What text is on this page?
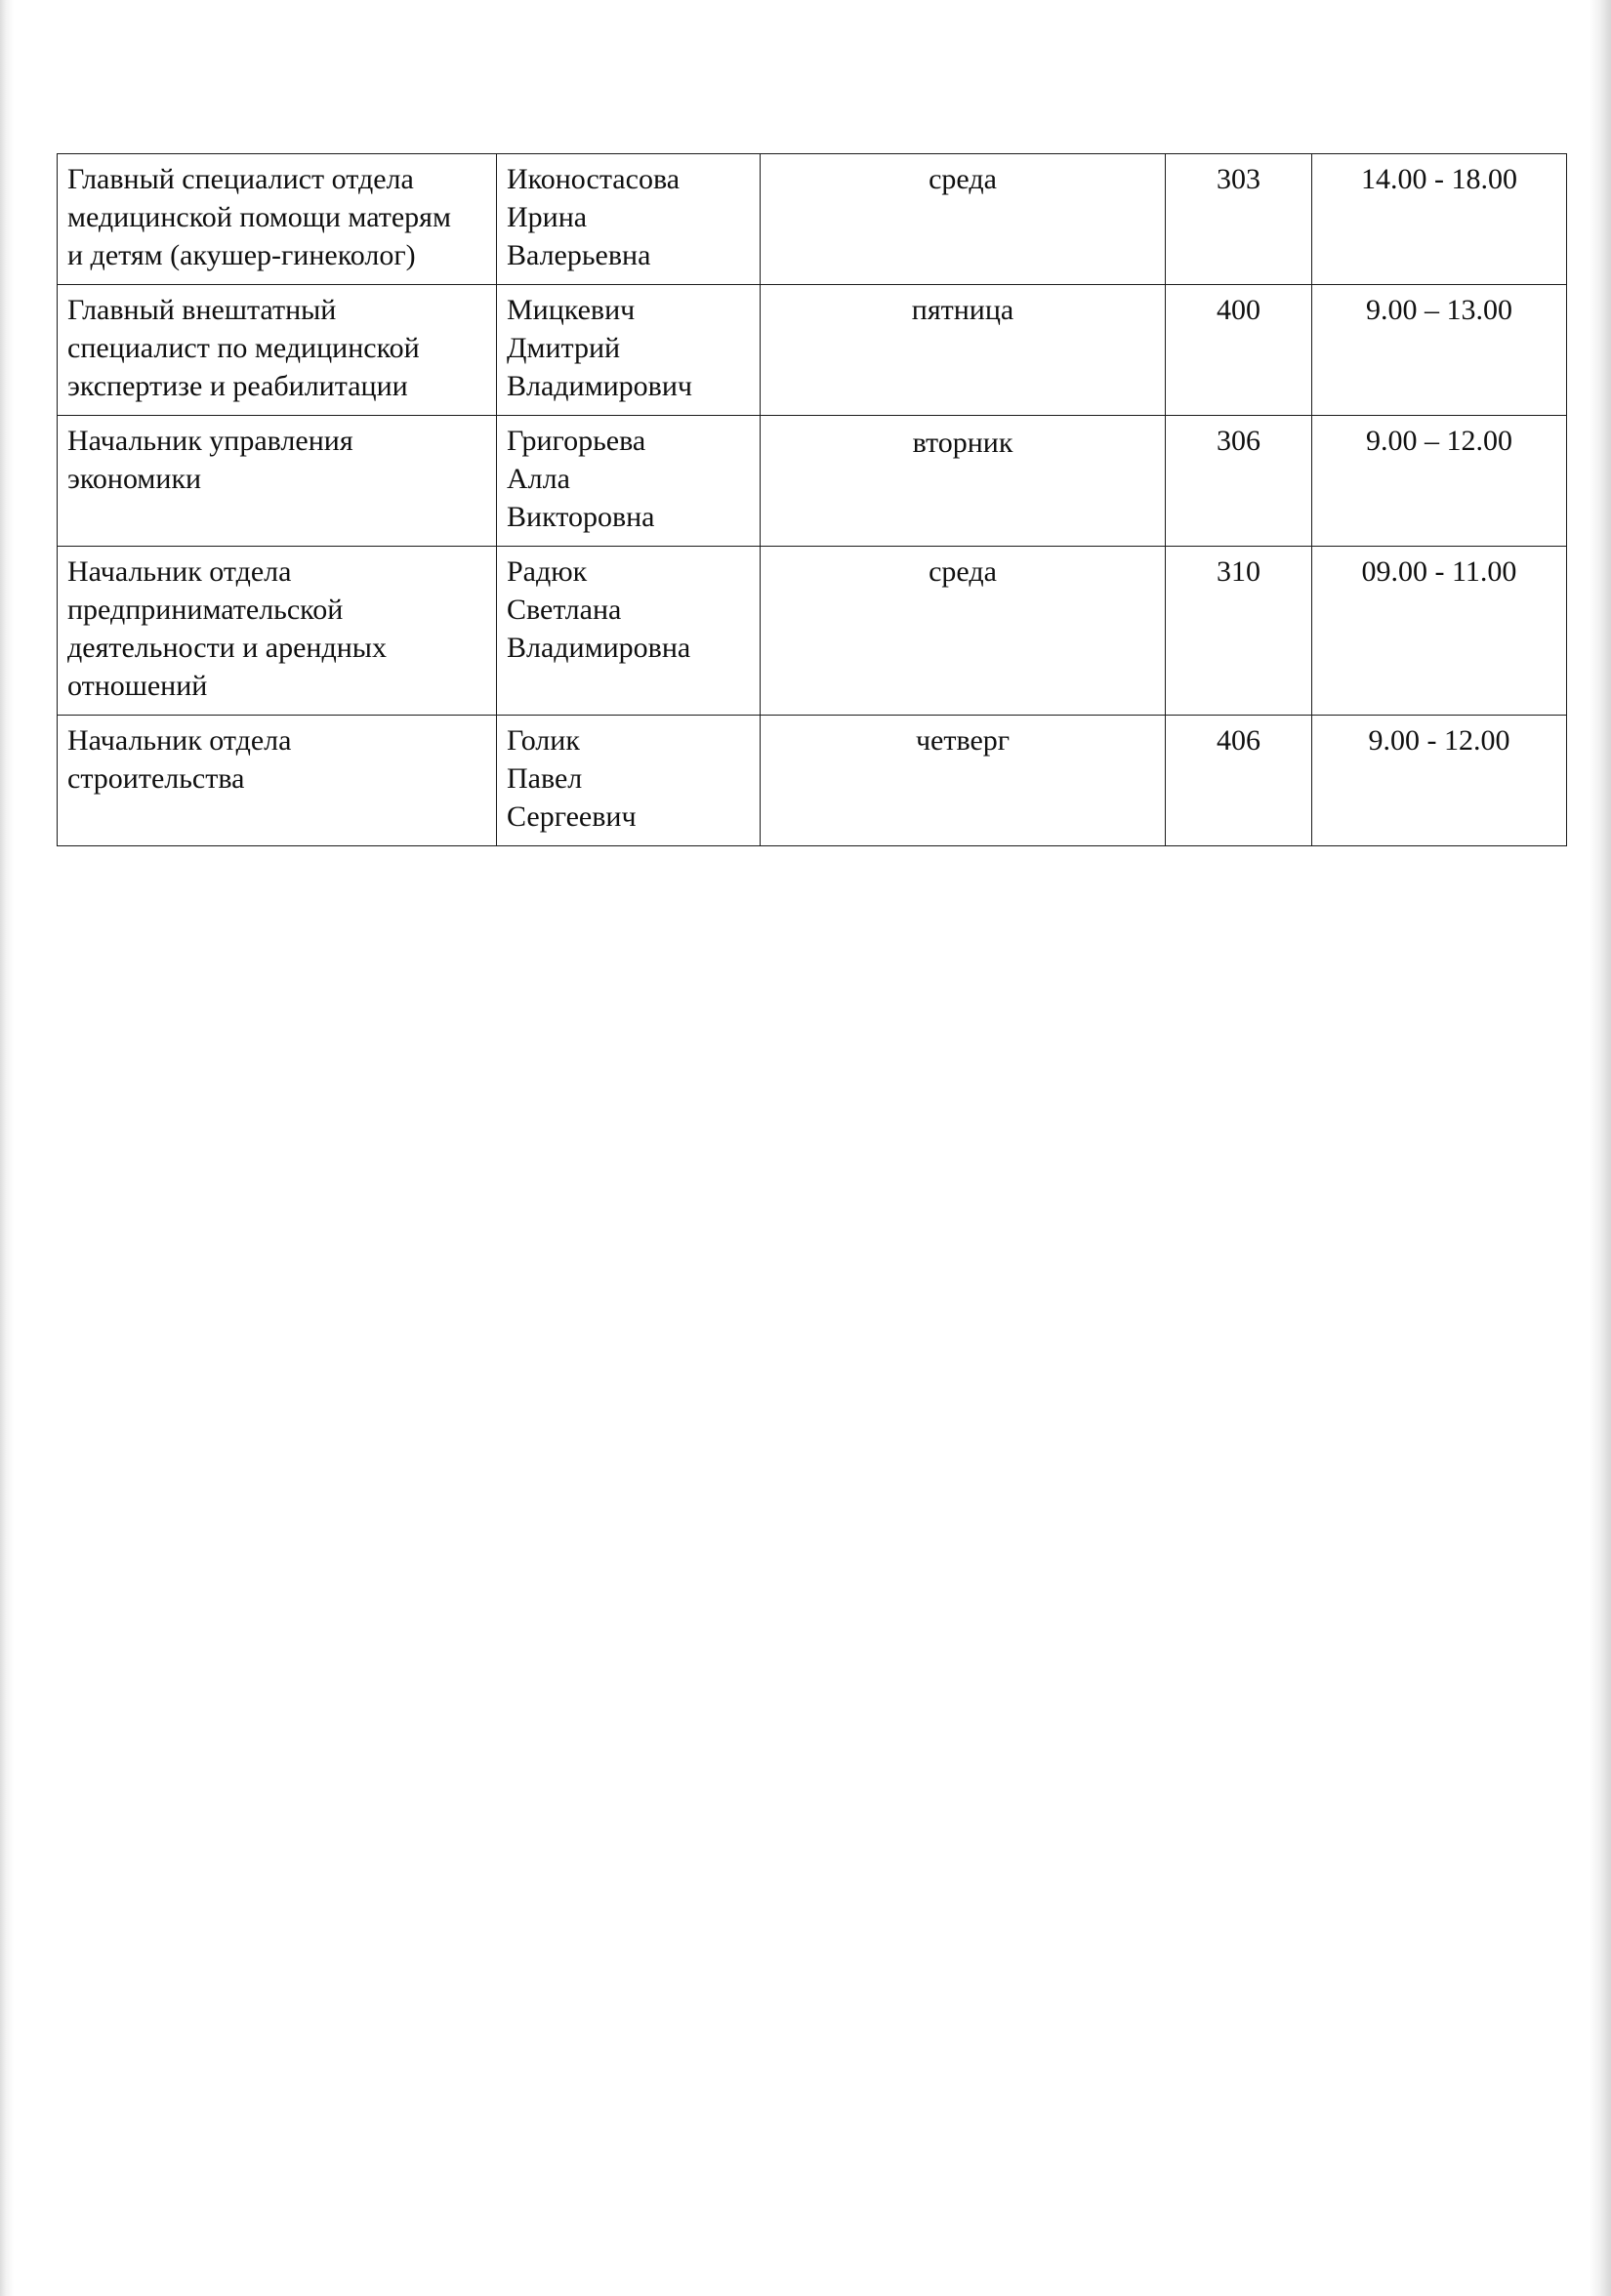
Главный специалист отдела
медицинской помощи матерям
и детям (акушер-гинеколог)	Иконостасова
Ирина
Валерьевна	среда	303	14.00 - 18.00

Главный внештатный
специалист по медицинской
экспертизе и реабилитации	Мицкевич
Дмитрий
Владимирович	пятница	400	9.00 – 13.00

Начальник управления
экономики	Григорьева
Алла
Викторовна	вторник	306	9.00 – 12.00

Начальник отдела
предпринимательской
деятельности и арендных
отношений	Радюк
Светлана
Владимировна	среда	310	09.00 - 11.00

Начальник отдела
строительства	Голик
Павел
Сергеевич	четверг	406	9.00 - 12.00
